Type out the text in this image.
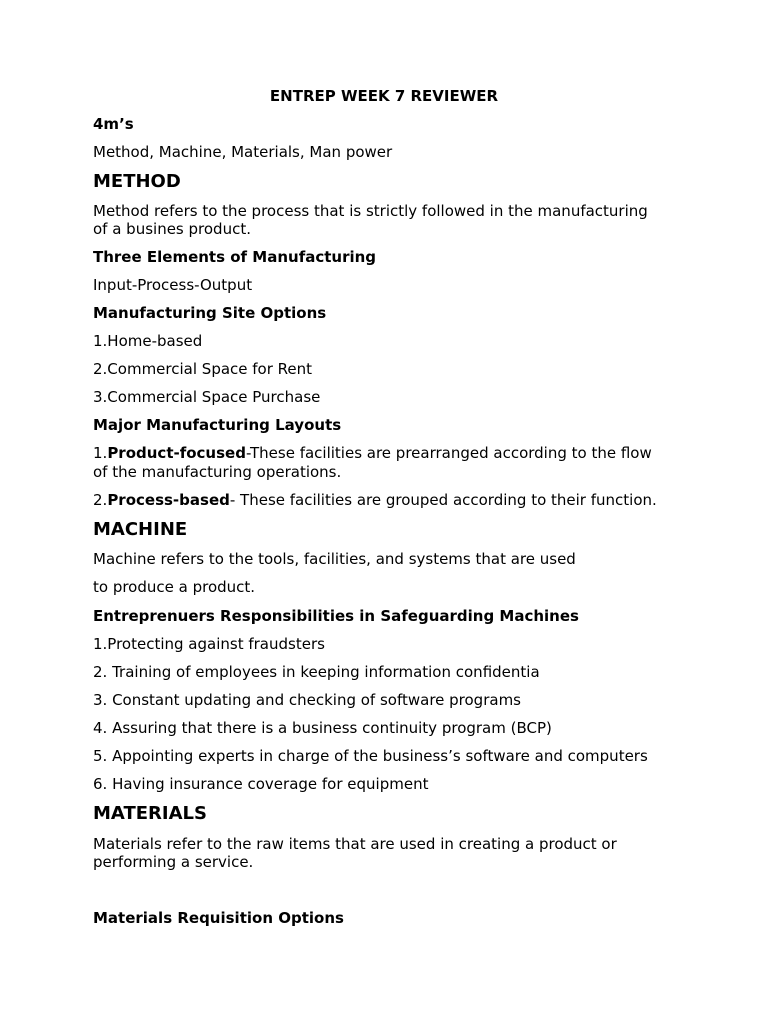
ENTREP WEEK 7 REVIEWER
4m’s
Method, Machine, Materials, Man power
METHOD
Method refers to the process that is strictly followed in the manufacturing
of a busines product.
Three Elements of Manufacturing
Input-Process-Output
Manufacturing Site Options
1.Home-based
2.Commercial Space for Rent
3.Commercial Space Purchase
Major Manufacturing Layouts
1.Product-focused-These facilities are prearranged according to the flow
of the manufacturing operations.
2.Process-based- These facilities are grouped according to their function.
MACHINE
Machine refers to the tools, facilities, and systems that are used
to produce a product.
Entreprenuers Responsibilities in Safeguarding Machines
1.Protecting against fraudsters
2. Training of employees in keeping information confidentia
3. Constant updating and checking of software programs
4. Assuring that there is a business continuity program (BCP)
5. Appointing experts in charge of the business’s software and computers
6. Having insurance coverage for equipment
MATERIALS
Materials refer to the raw items that are used in creating a product or
performing a service.
Materials Requisition Options
